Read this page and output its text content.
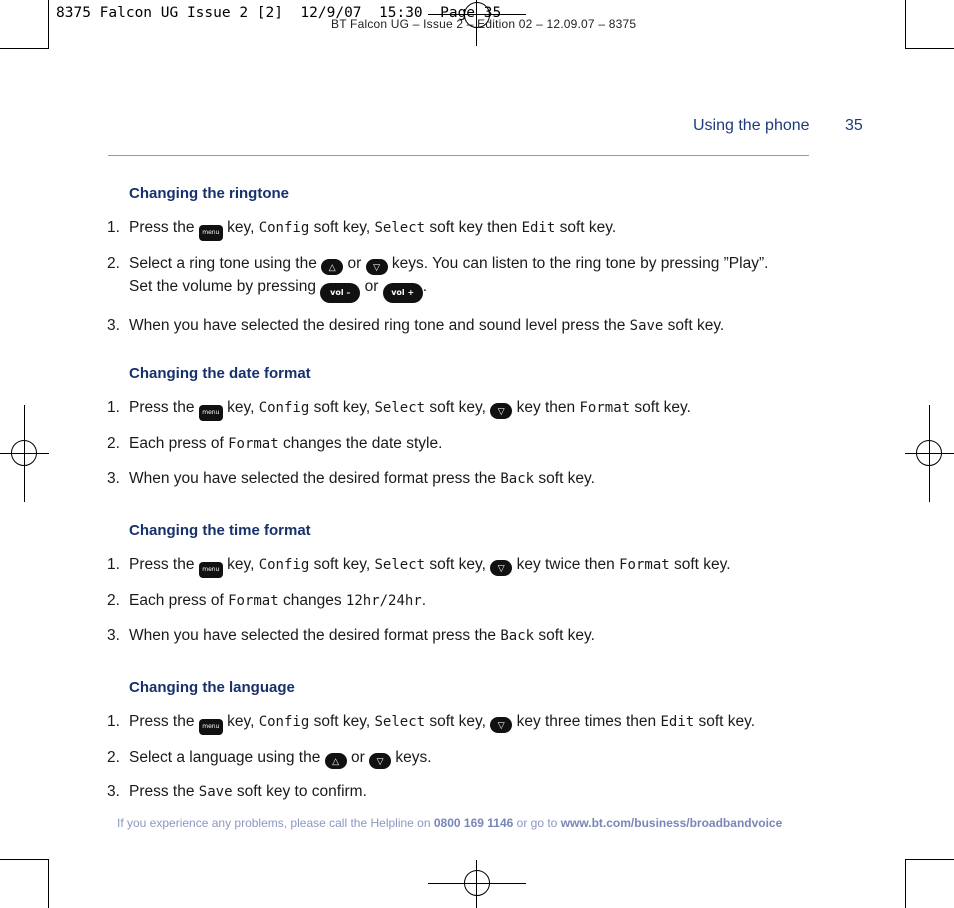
BT Falcon UG – Issue 2 – Edition 02 – 12.09.07 – 8375
8375 Falcon UG Issue 2 [2]  12/9/07  15:30  Page 35
Using the phone 35
Changing the ringtone
1. Press the menu key, Config soft key, Select soft key then Edit soft key.
2. Select a ring tone using the △ or ▽ keys. You can listen to the ring tone by pressing ”Play”.
Set the volume by pressing vol – or vol + .
3. When you have selected the desired ring tone and sound level press the Save soft key.
Changing the date format
1. Press the menu key, Config soft key, Select soft key, ▽ key then Format soft key.
2. Each press of Format changes the date style.
3. When you have selected the desired format press the Back soft key.
Changing the time format
1. Press the menu key, Config soft key, Select soft key, ▽ key twice then Format soft key.
2. Each press of Format changes 12hr/24hr.
3. When you have selected the desired format press the Back soft key.
Changing the language
1. Press the menu key, Config soft key, Select soft key, ▽ key three times then Edit soft key.
2. Select a language using the △ or ▽ keys.
3. Press the Save soft key to confirm.
If you experience any problems, please call the Helpline on 0800 169 1146 or go to www.bt.com/business/broadbandvoice
